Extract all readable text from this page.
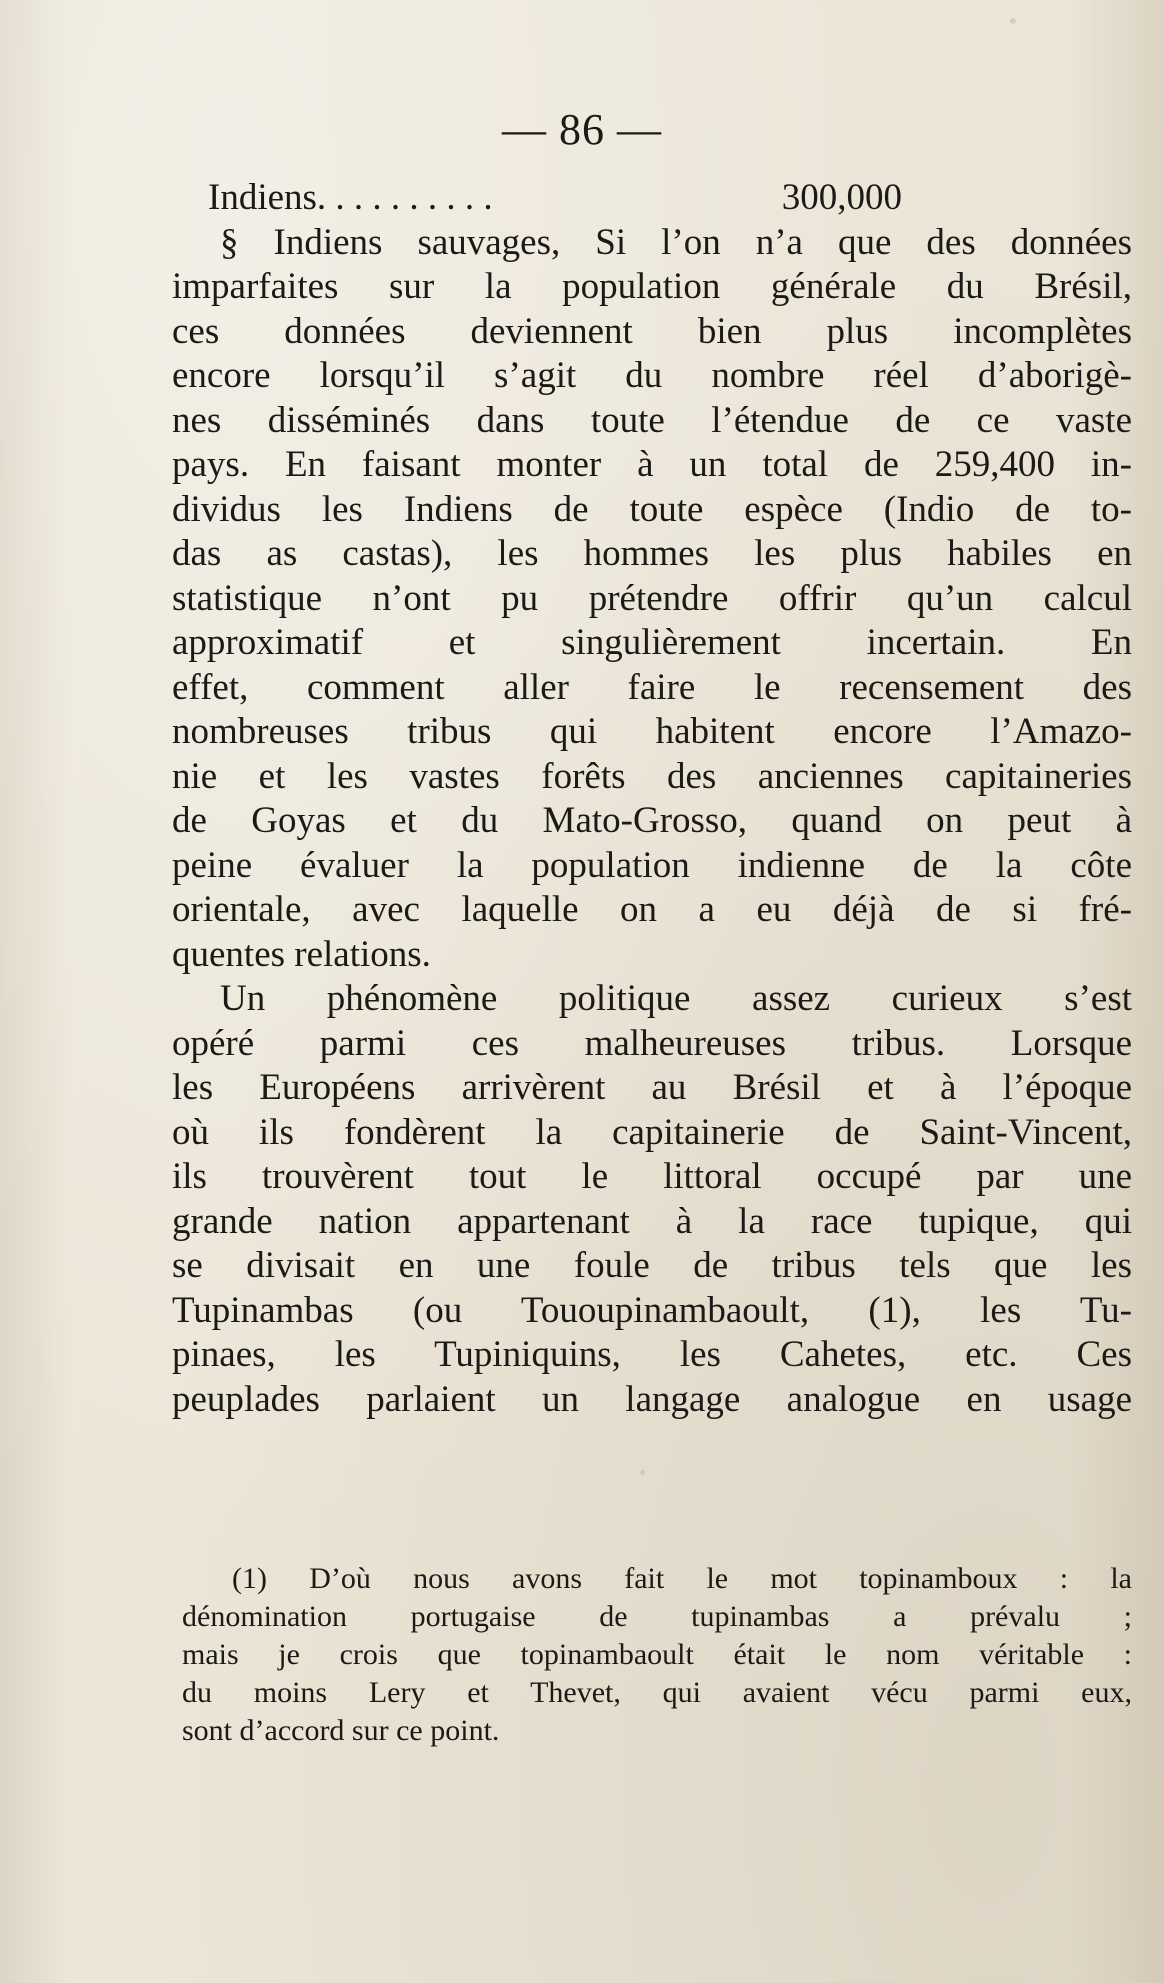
— 86 —
Indiens. . . . . . . . . .	300,000
§ Indiens sauvages, Si l’on n’a que des données
imparfaites sur la population générale du Brésil,
ces données deviennent bien plus incomplètes
encore lorsqu’il s’agit du nombre réel d’aborigè-
nes disséminés dans toute l’étendue de ce vaste
pays. En faisant monter à un total de 259,400 in-
dividus les Indiens de toute espèce (Indio de to-
das as castas), les hommes les plus habiles en
statistique n’ont pu prétendre offrir qu’un calcul
approximatif et singulièrement incertain. En
effet, comment aller faire le recensement des
nombreuses tribus qui habitent encore l’Amazo-
nie et les vastes forêts des anciennes capitaineries
de Goyas et du Mato-Grosso, quand on peut à
peine évaluer la population indienne de la côte
orientale, avec laquelle on a eu déjà de si fré-
quentes relations.
Un phénomène politique assez curieux s’est
opéré parmi ces malheureuses tribus. Lorsque
les Européens arrivèrent au Brésil et à l’époque
où ils fondèrent la capitainerie de Saint-Vincent,
ils trouvèrent tout le littoral occupé par une
grande nation appartenant à la race tupique, qui
se divisait en une foule de tribus tels que les
Tupinambas (ou Tououpinambaoult, (1), les Tu-
pinaes, les Tupiniquins, les Cahetes, etc. Ces
peuplades parlaient un langage analogue en usage
(1) D’où nous avons fait le mot topinamboux : la
dénomination portugaise de tupinambas a prévalu ;
mais je crois que topinambaoult était le nom véritable :
du moins Lery et Thevet, qui avaient vécu parmi eux,
sont d’accord sur ce point.
